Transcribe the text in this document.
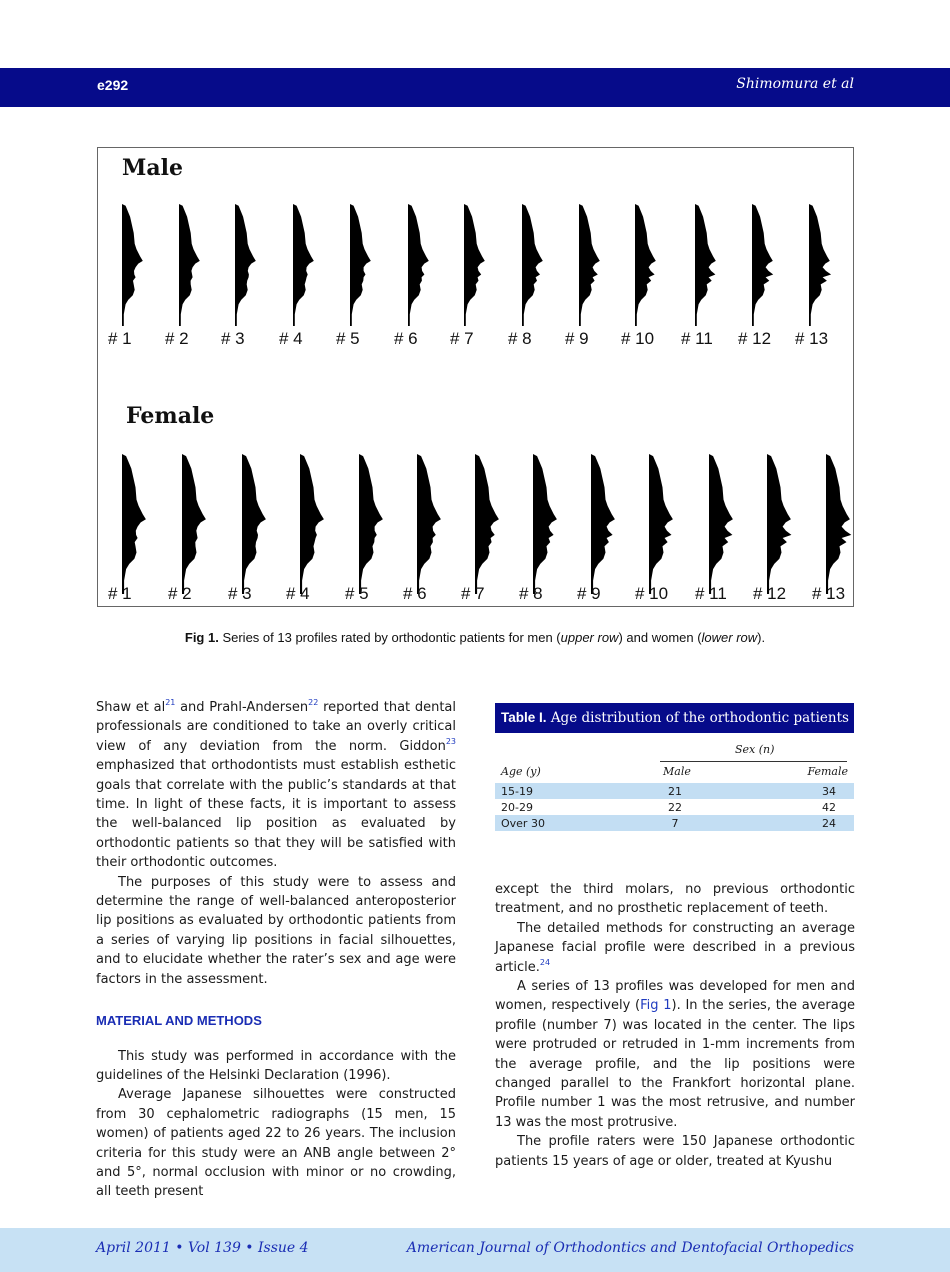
e292	Shimomura et al
Male
Female
# 1 # 2 # 3 # 4 # 5 # 6 # 7 # 8 # 9 # 10 # 11 # 12 # 13
# 1 # 2 # 3 # 4 # 5 # 6 # 7 # 8 # 9 # 10 # 11 # 12 # 13
Fig 1. Series of 13 profiles rated by orthodontic patients for men (upper row) and women (lower row).

Shaw et $al^{21}$ and Prahl-Andersen$^{22}$ reported that dental professionals are conditioned to take an overly critical view of any deviation from the norm. Giddon$^{23}$ emphasized that orthodontists must establish esthetic goals that correlate with the public’s standards at that time. In light of these facts, it is important to assess the well-balanced lip position as evaluated by orthodontic patients so that they will be satisfied with their orthodontic outcomes.

The purposes of this study were to assess and determine the range of well-balanced anteroposterior lip positions as evaluated by orthodontic patients from a series of varying lip positions in facial silhouettes, and to elucidate whether the rater’s sex and age were factors in the assessment.

MATERIAL AND METHODS

This study was performed in accordance with the guidelines of the Helsinki Declaration (1996).

Average Japanese silhouettes were constructed from 30 cephalometric radiographs (15 men, 15 women) of patients aged 22 to 26 years. The inclusion criteria for this study were an ANB angle between 2° and 5°, normal occlusion with minor or no crowding, all teeth present

Table I. Age distribution of the orthodontic patients
Sex (n)
Age (y)	Male	Female
15-19	21	34
20-29	22	42
Over 30	7	24

except the third molars, no previous orthodontic treatment, and no prosthetic replacement of teeth.

The detailed methods for constructing an average Japanese facial profile were described in a previous article.$^{24}$

A series of 13 profiles was developed for men and women, respectively (Fig 1). In the series, the average profile (number 7) was located in the center. The lips were protruded or retruded in 1-mm increments from the average profile, and the lip positions were changed parallel to the Frankfort horizontal plane. Profile number 1 was the most retrusive, and number 13 was the most protrusive.

The profile raters were 150 Japanese orthodontic patients 15 years of age or older, treated at Kyushu

April 2011 • Vol 139 • Issue 4	American Journal of Orthodontics and Dentofacial Orthopedics
